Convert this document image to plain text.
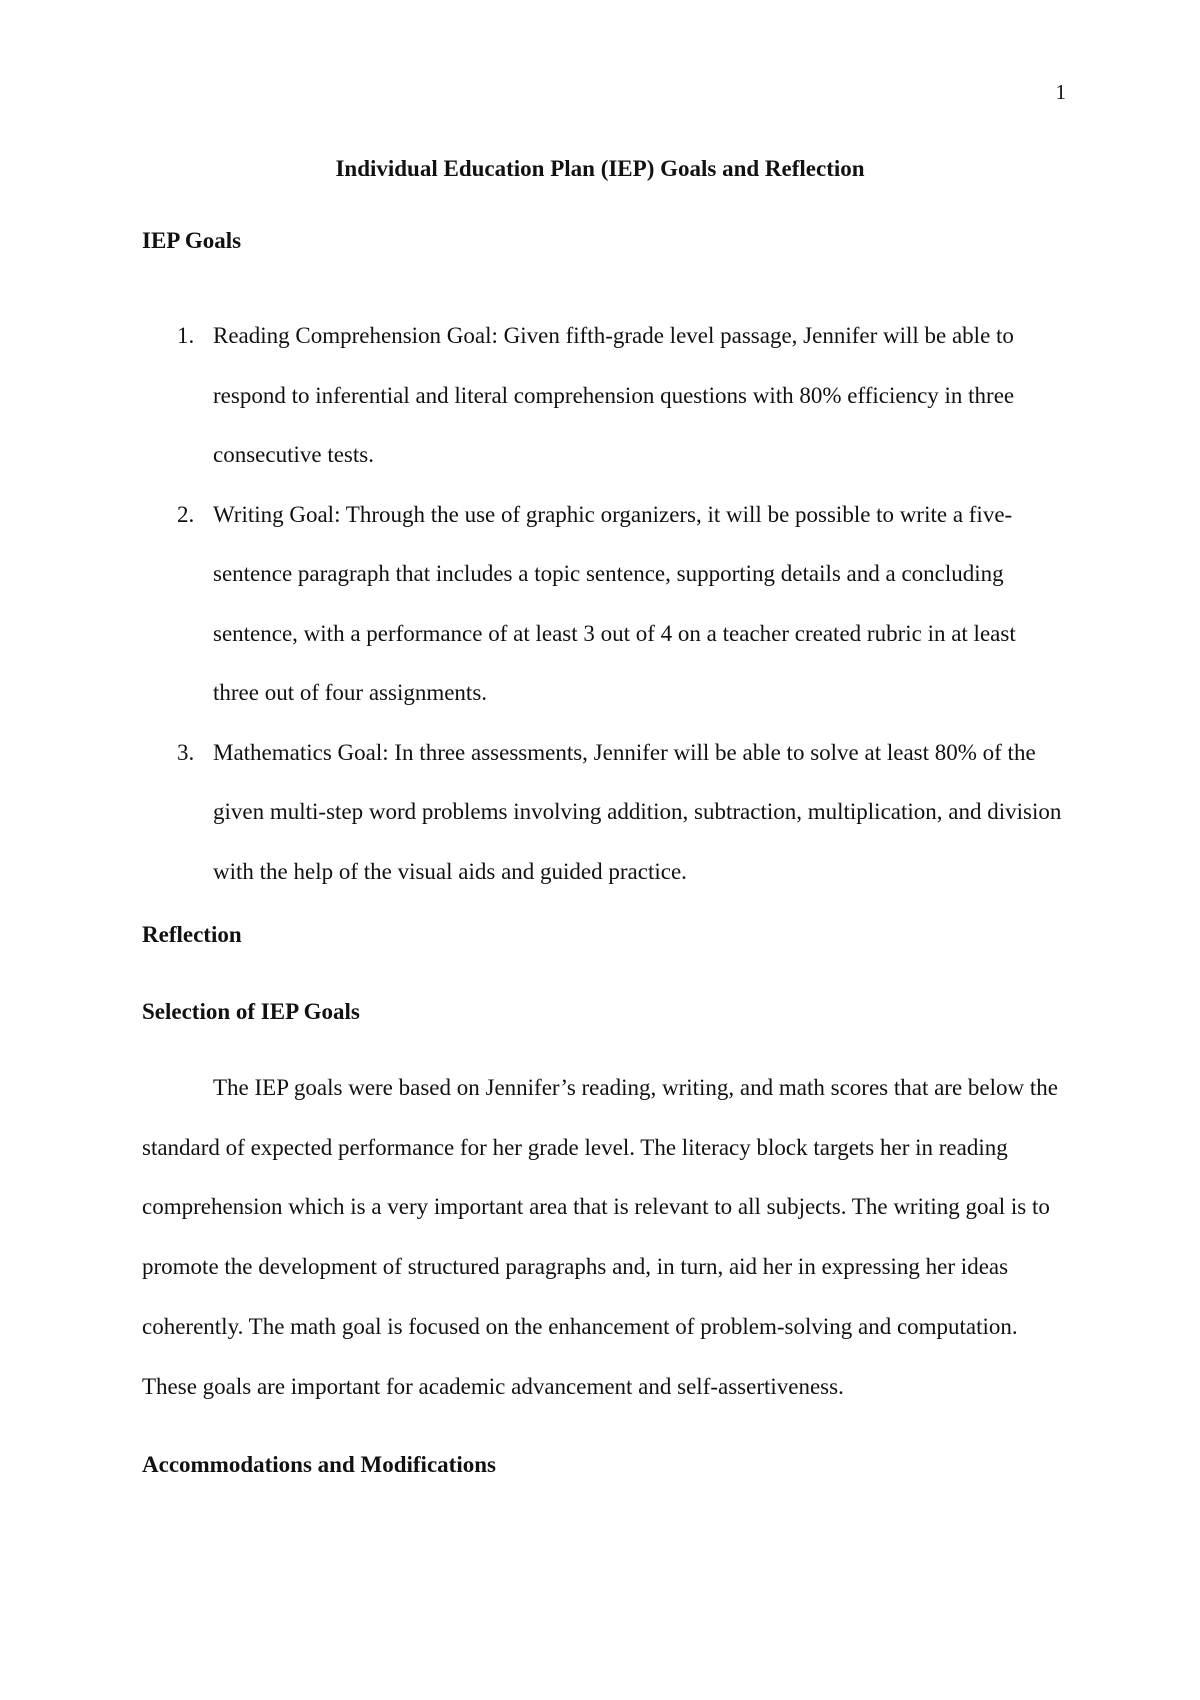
1
Individual Education Plan (IEP) Goals and Reflection
IEP Goals
1. Reading Comprehension Goal: Given fifth-grade level passage, Jennifer will be able to respond to inferential and literal comprehension questions with 80% efficiency in three consecutive tests.
2. Writing Goal: Through the use of graphic organizers, it will be possible to write a five-sentence paragraph that includes a topic sentence, supporting details and a concluding sentence, with a performance of at least 3 out of 4 on a teacher created rubric in at least three out of four assignments.
3. Mathematics Goal: In three assessments, Jennifer will be able to solve at least 80% of the given multi-step word problems involving addition, subtraction, multiplication, and division with the help of the visual aids and guided practice.
Reflection
Selection of IEP Goals

The IEP goals were based on Jennifer’s reading, writing, and math scores that are below the standard of expected performance for her grade level. The literacy block targets her in reading comprehension which is a very important area that is relevant to all subjects. The writing goal is to promote the development of structured paragraphs and, in turn, aid her in expressing her ideas coherently. The math goal is focused on the enhancement of problem-solving and computation. These goals are important for academic advancement and self-assertiveness.

Accommodations and Modifications
